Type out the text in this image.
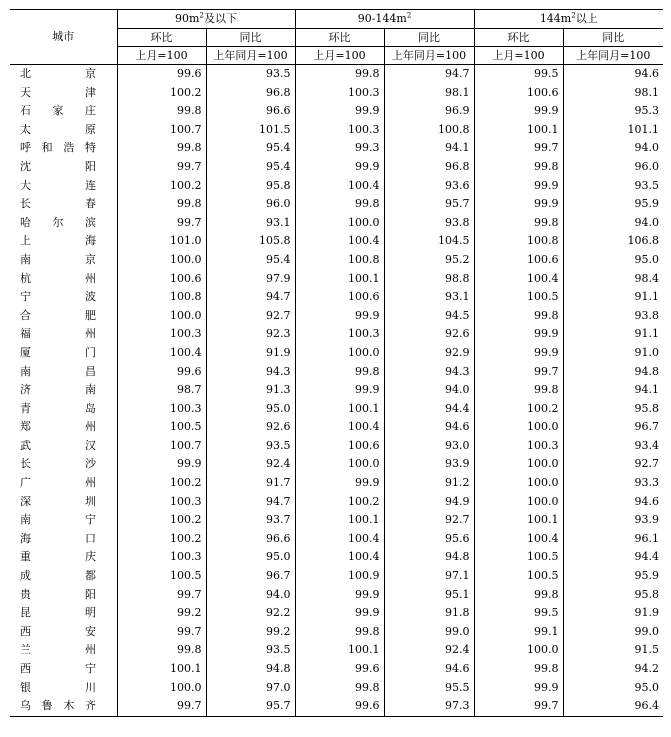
城市	$90m^2$及以下		$90-144m^2$		$144m^2$以上	
	环比	同比	环比	同比	环比	同比
	上月=100	上年同月=100	上月=100	上年同月=100	上月=100	上年同月=100
北 京	99.6	93.5	99.8	94.7	99.5	94.6
天 津	100.2	96.8	100.3	98.1	100.6	98.1
石 家 庄	99.8	96.6	99.9	96.9	99.9	95.3
太 原	100.7	101.5	100.3	100.8	100.1	101.1
呼和浩特	99.8	95.4	99.3	94.1	99.7	94.0
沈 阳	99.7	95.4	99.9	96.8	99.8	96.0
大 连	100.2	95.8	100.4	93.6	99.9	93.5
长 春	99.8	96.0	99.8	95.7	99.9	95.9
哈 尔 滨	99.7	93.1	100.0	93.8	99.8	94.0
上 海	101.0	105.8	100.4	104.5	100.8	106.8
南 京	100.0	95.4	100.8	95.2	100.6	95.0
杭 州	100.6	97.9	100.1	98.8	100.4	98.4
宁 波	100.8	94.7	100.6	93.1	100.5	91.1
合 肥	100.0	92.7	99.9	94.5	99.8	93.8
福 州	100.3	92.3	100.3	92.6	99.9	91.1
厦 门	100.4	91.9	100.0	92.9	99.9	91.0
南 昌	99.6	94.3	99.8	94.3	99.7	94.8
济 南	98.7	91.3	99.9	94.0	99.8	94.1
青 岛	100.3	95.0	100.1	94.4	100.2	95.8
郑 州	100.5	92.6	100.4	94.6	100.0	96.7
武 汉	100.7	93.5	100.6	93.0	100.3	93.4
长 沙	99.9	92.4	100.0	93.9	100.0	92.7
广 州	100.2	91.7	99.9	91.2	100.0	93.3
深 圳	100.3	94.7	100.2	94.9	100.0	94.6
南 宁	100.2	93.7	100.1	92.7	100.1	93.9
海 口	100.2	96.6	100.4	95.6	100.4	96.1
重 庆	100.3	95.0	100.4	94.8	100.5	94.4
成 都	100.5	96.7	100.9	97.1	100.5	95.9
贵 阳	99.7	94.0	99.9	95.1	99.8	95.8
昆 明	99.2	92.2	99.9	91.8	99.5	91.9
西 安	99.7	99.2	99.8	99.0	99.1	99.0
兰 州	99.8	93.5	100.1	92.4	100.0	91.5
西 宁	100.1	94.8	99.6	94.6	99.8	94.2
银 川	100.0	97.0	99.8	95.5	99.9	95.0
乌鲁木齐	99.7	95.7	99.6	97.3	99.7	96.4
